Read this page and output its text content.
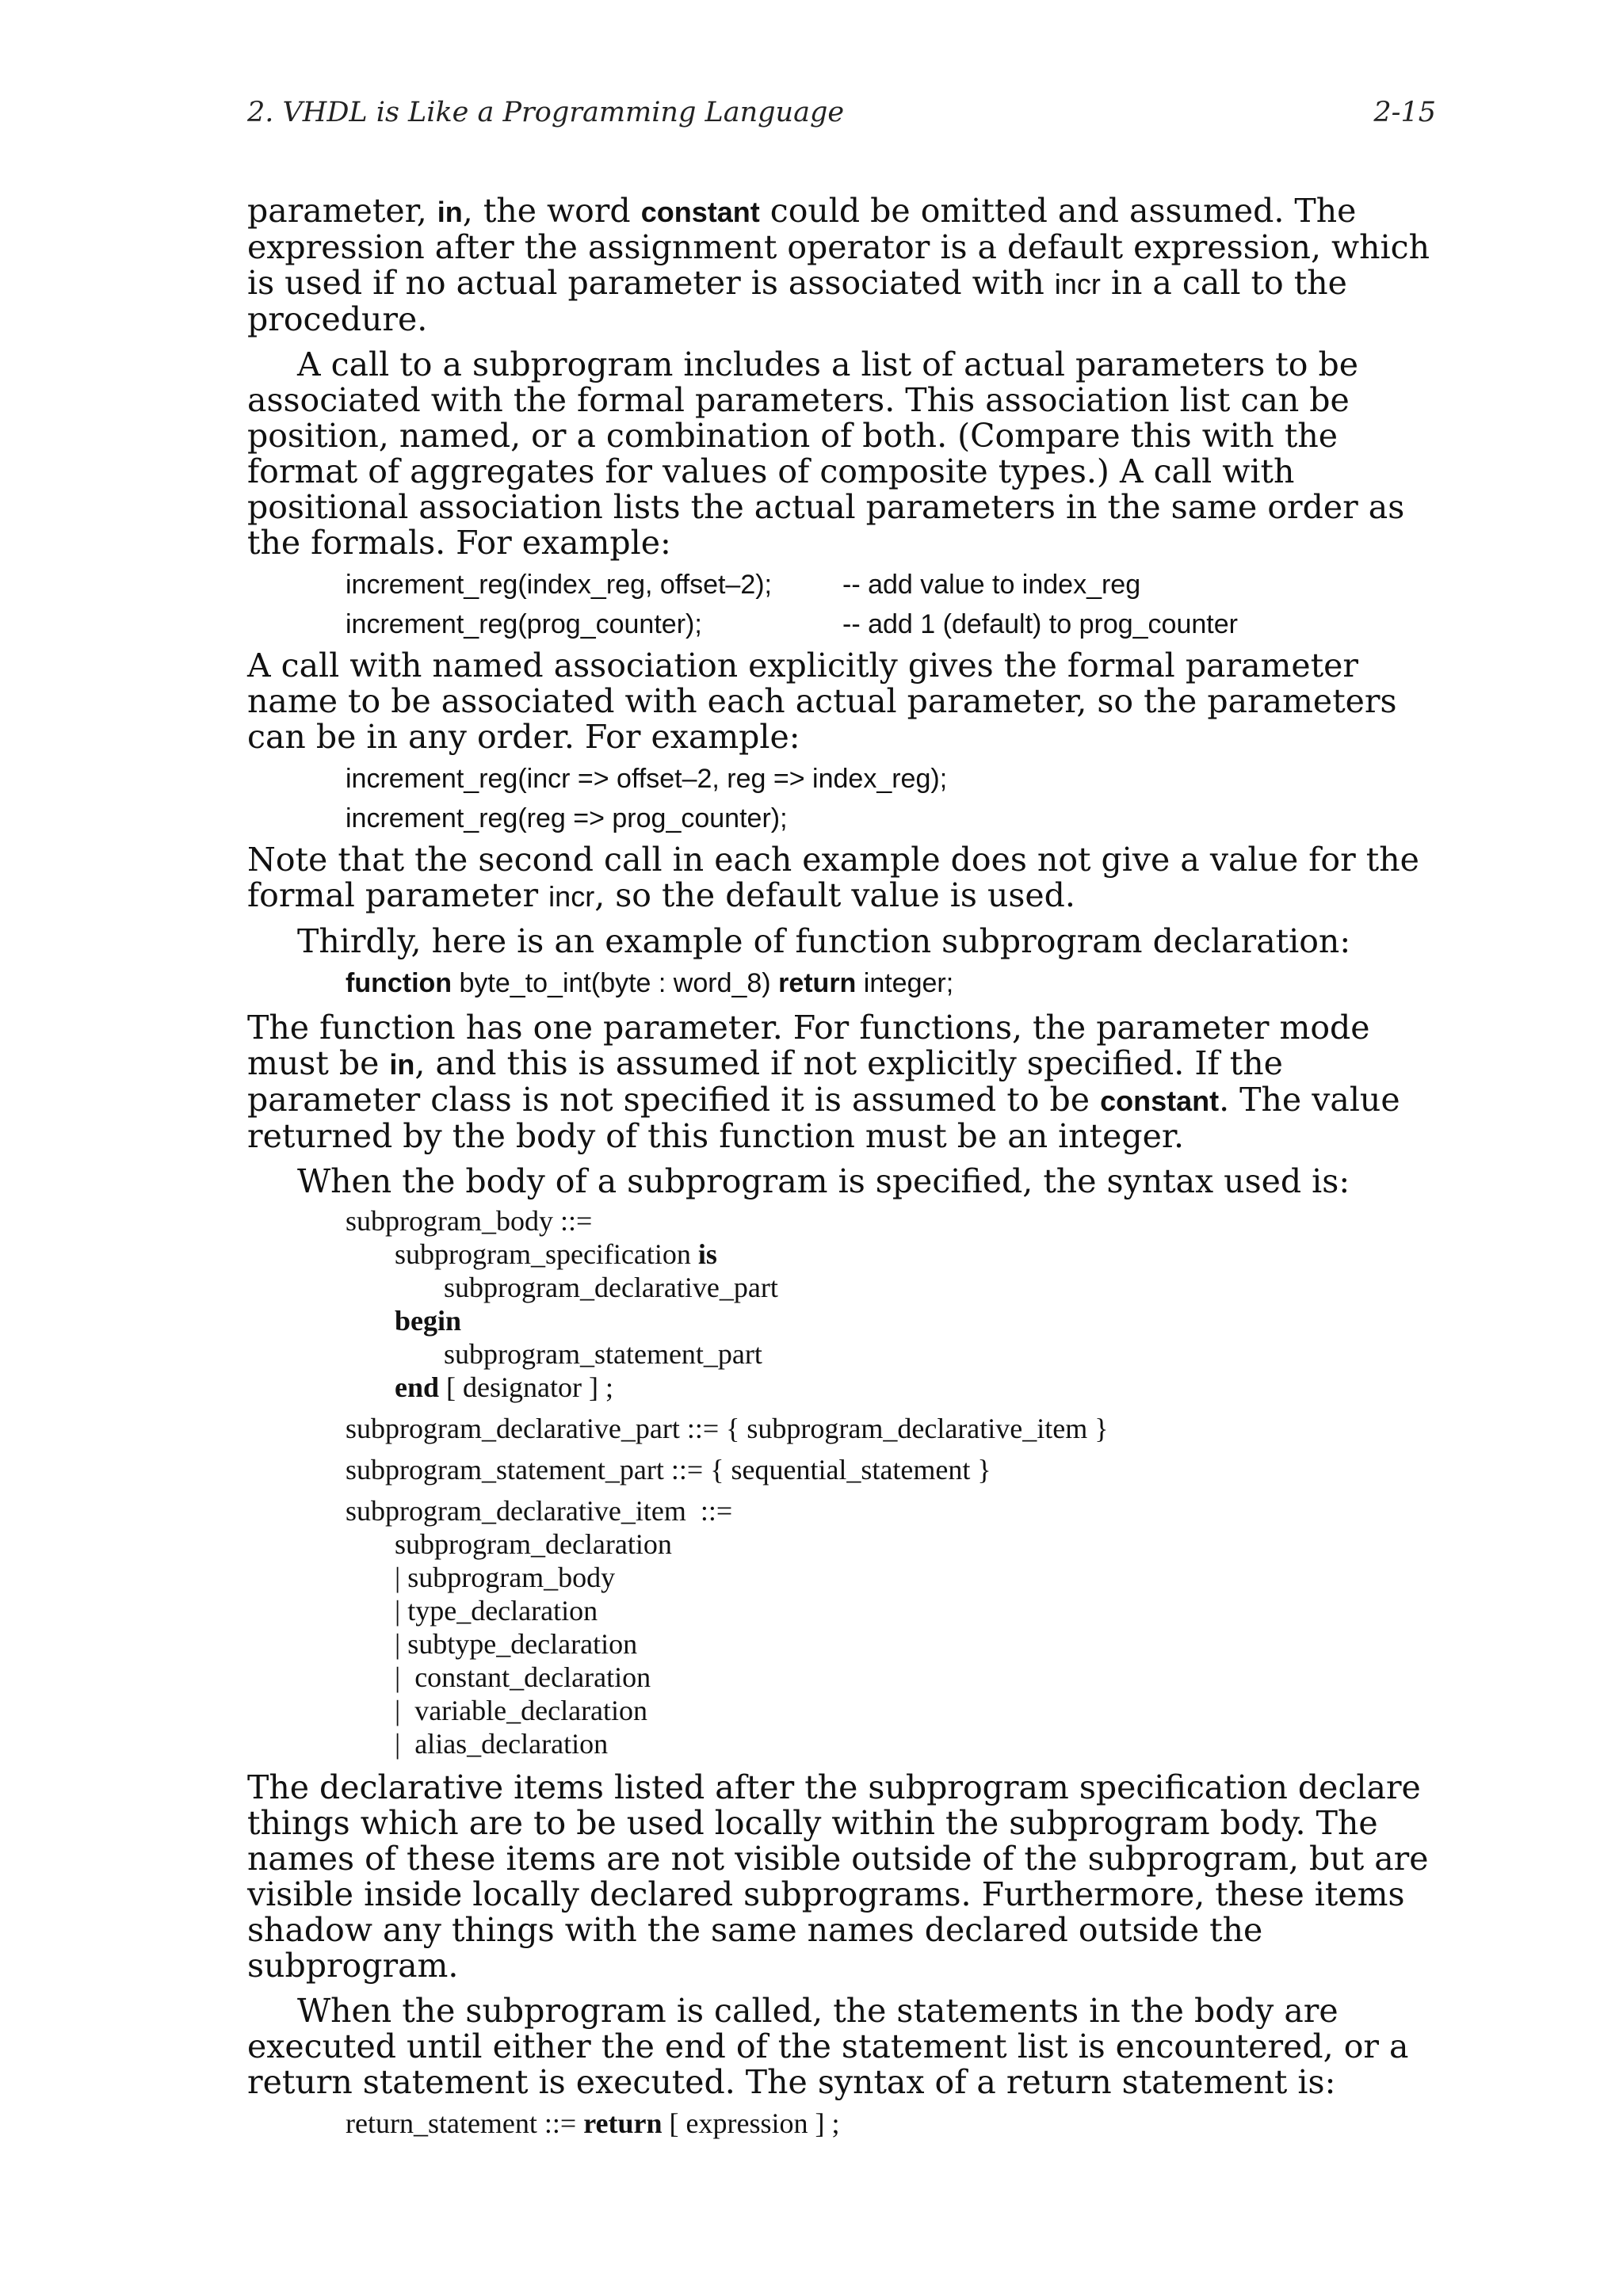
2. VHDL is Like a Programming Language	2-15

parameter, in, the word constant could be omitted and assumed. The expression after the assignment operator is a default expression, which is used if no actual parameter is associated with incr in a call to the procedure.

A call to a subprogram includes a list of actual parameters to be associated with the formal parameters. This association list can be position, named, or a combination of both. (Compare this with the format of aggregates for values of composite types.) A call with positional association lists the actual parameters in the same order as the formals. For example:

increment_reg(index_reg, offset–2);	-- add value to index_reg
increment_reg(prog_counter);	-- add 1 (default) to prog_counter

A call with named association explicitly gives the formal parameter name to be associated with each actual parameter, so the parameters can be in any order. For example:

increment_reg(incr => offset–2, reg => index_reg);
increment_reg(reg => prog_counter);

Note that the second call in each example does not give a value for the formal parameter incr, so the default value is used.

Thirdly, here is an example of function subprogram declaration:

function byte_to_int(byte : word_8) return integer;

The function has one parameter. For functions, the parameter mode must be in, and this is assumed if not explicitly specified. If the parameter class is not specified it is assumed to be constant. The value returned by the body of this function must be an integer.

When the body of a subprogram is specified, the syntax used is:

subprogram_body ::=
subprogram_specification is
subprogram_declarative_part
begin
subprogram_statement_part
end [ designator ] ;
subprogram_declarative_part ::= { subprogram_declarative_item }
subprogram_statement_part ::= { sequential_statement }
subprogram_declarative_item  ::=
subprogram_declaration
| subprogram_body
| type_declaration
| subtype_declaration
|  constant_declaration
|  variable_declaration
|  alias_declaration

The declarative items listed after the subprogram specification declare things which are to be used locally within the subprogram body. The names of these items are not visible outside of the subprogram, but are visible inside locally declared subprograms. Furthermore, these items shadow any things with the same names declared outside the subprogram.

When the subprogram is called, the statements in the body are executed until either the end of the statement list is encountered, or a return statement is executed. The syntax of a return statement is:

return_statement ::= return [ expression ] ;
